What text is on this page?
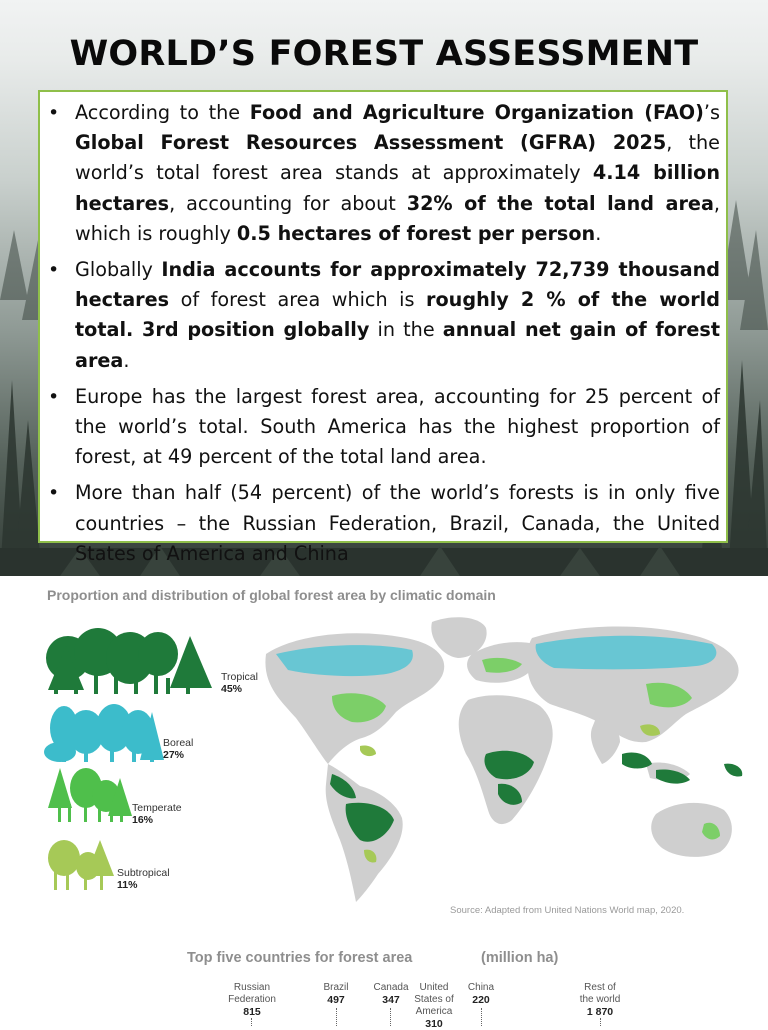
WORLD’S FOREST ASSESSMENT
• According to the Food and Agriculture Organization (FAO)’s Global Forest Resources Assessment (GFRA) 2025, the world’s total forest area stands at approximately 4.14 billion hectares, accounting for about 32% of the total land area, which is roughly 0.5 hectares of forest per person.
• Globally India accounts for approximately 72,739 thousand hectares of forest area which is roughly 2 % of the world total. 3rd position globally in the annual net gain of forest area.
• Europe has the largest forest area, accounting for 25 percent of the world’s total. South America has the highest proportion of forest, at 49 percent of the total land area.
• More than half (54 percent) of the world’s forests is in only five countries – the Russian Federation, Brazil, Canada, the United States of America and China
Proportion and distribution of global forest area by climatic domain
Tropical
45%
Boreal
27%
Temperate
16%
Subtropical
11%
Source: Adapted from United Nations World map, 2020.
Top five countries for forest area	(million ha)
Russian
Federation
815
Brazil
497
Canada
347
United
States of
America
310
China
220
Rest of
the world
1 870
